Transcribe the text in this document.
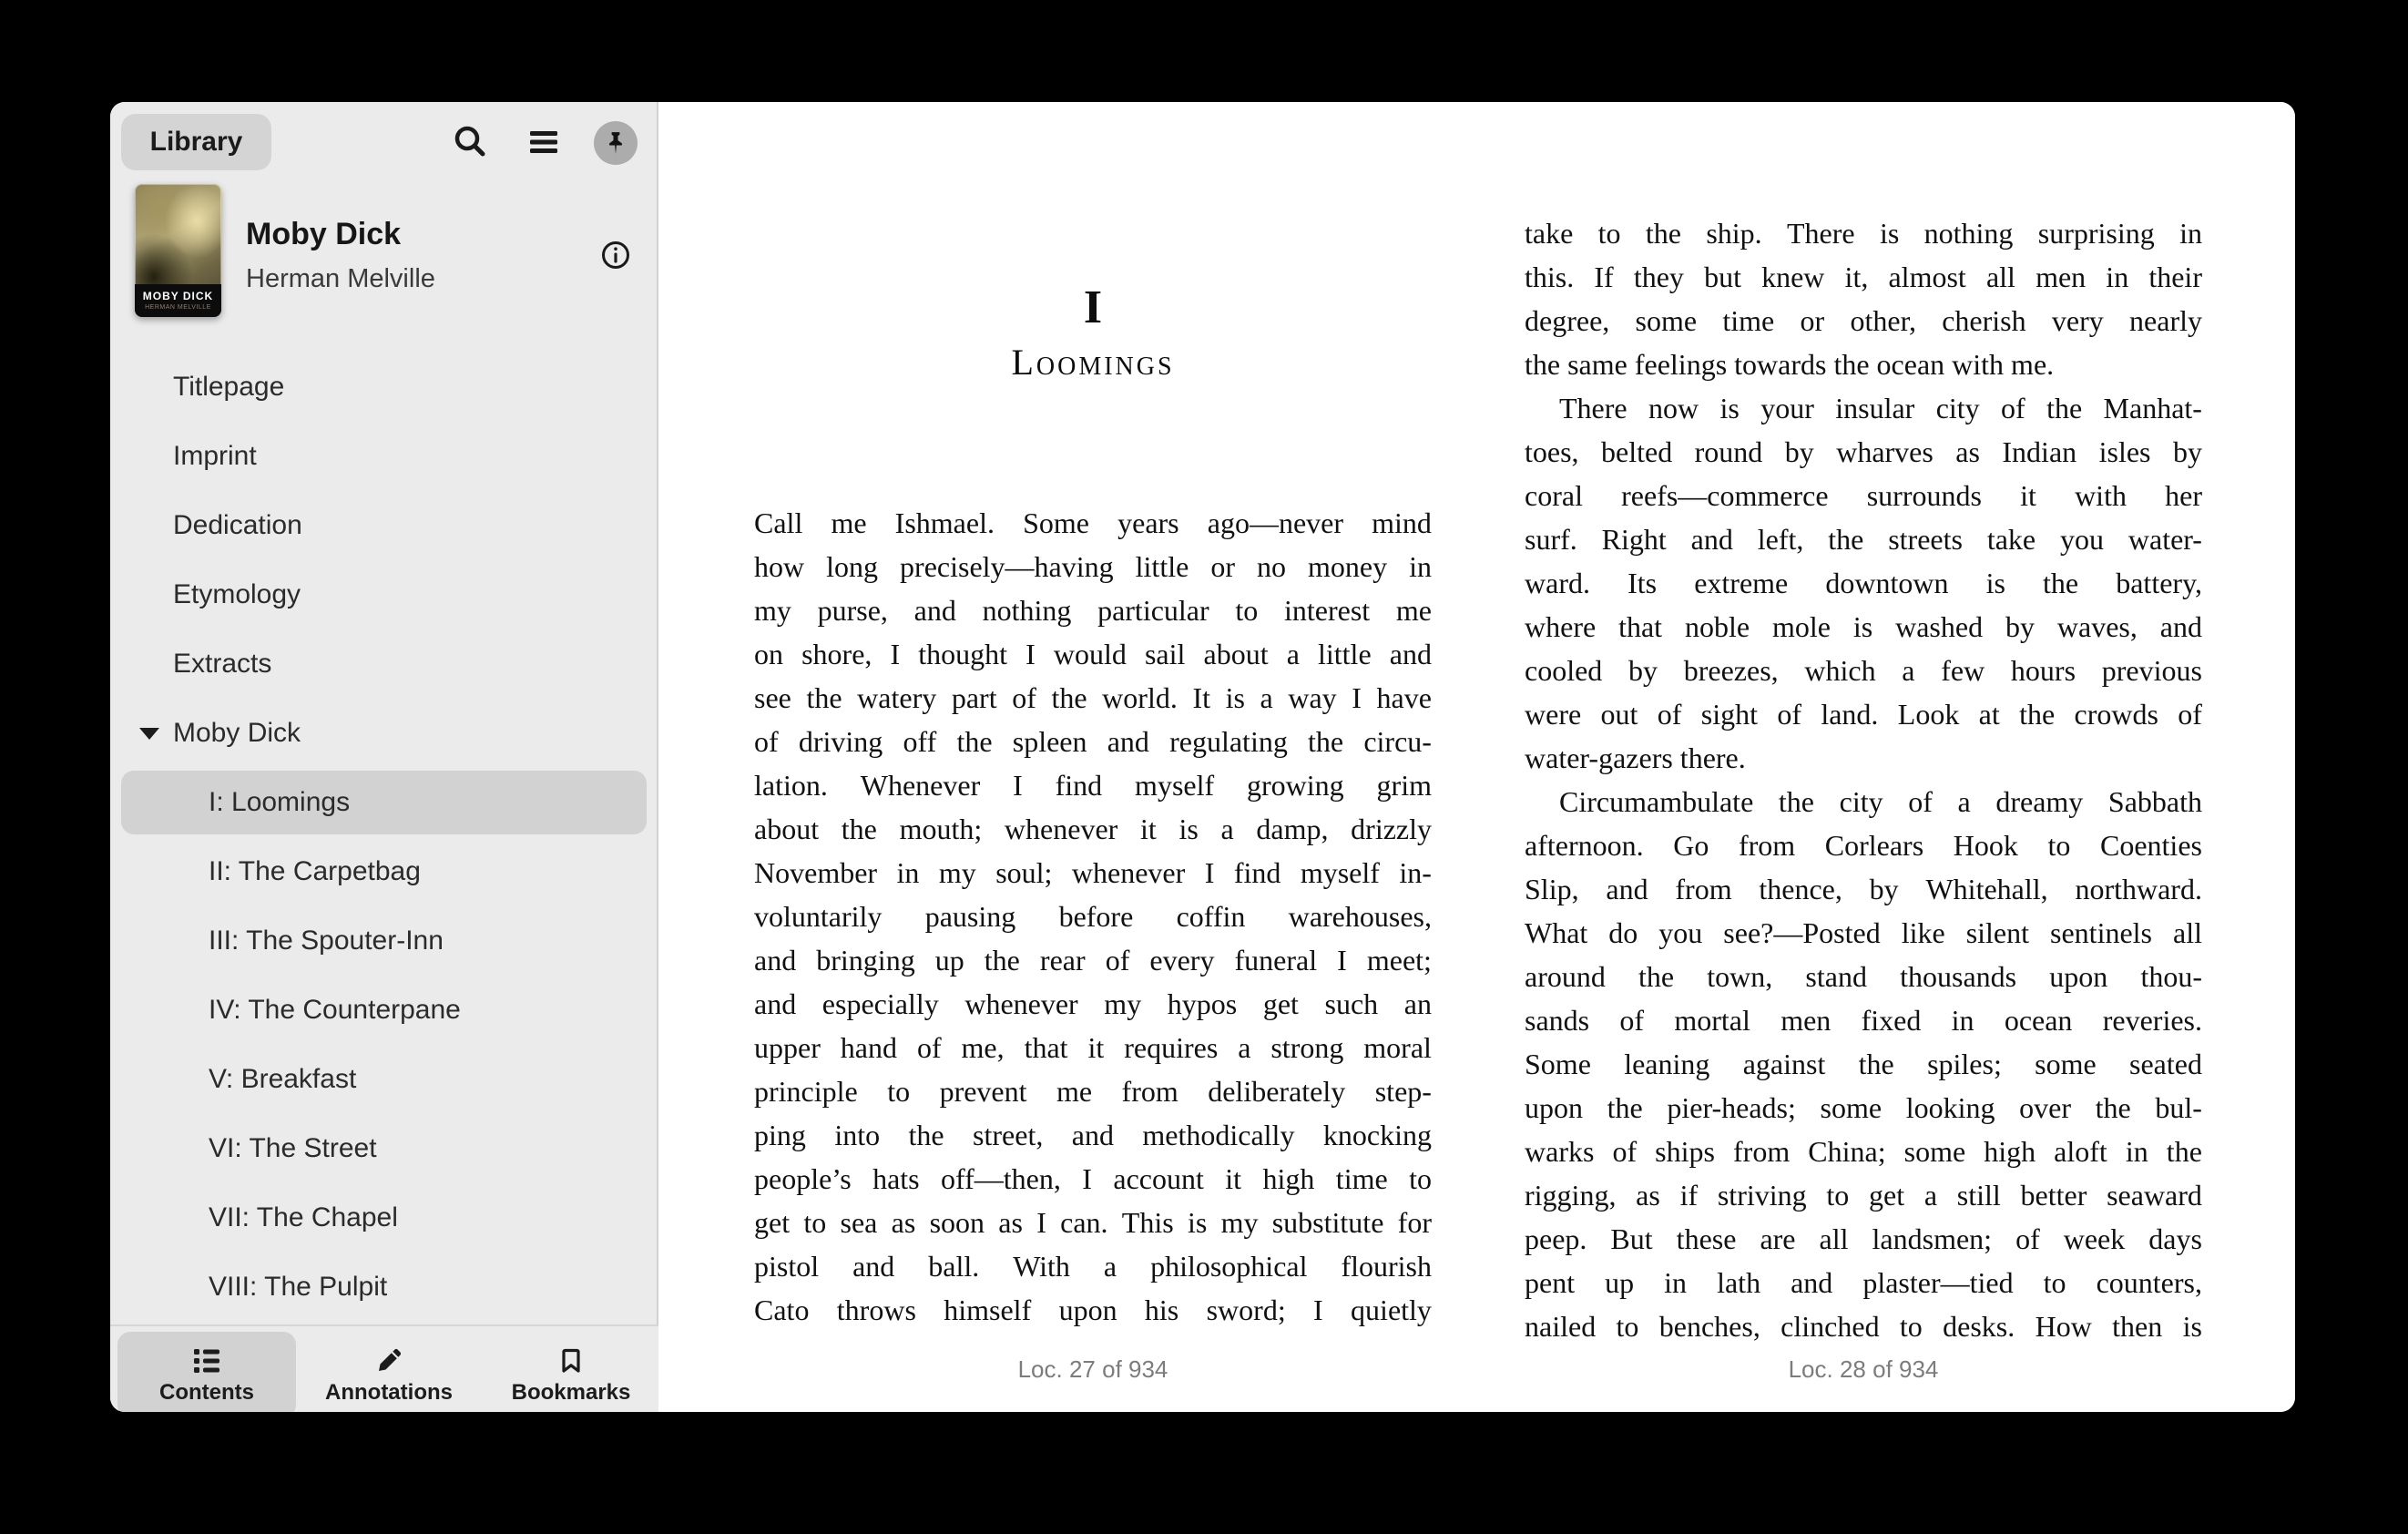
Library
MOBY DICK
HERMAN MELVILLE
Moby Dick
Herman Melville
Titlepage
Imprint
Dedication
Etymology
Extracts
Moby Dick
I: Loomings
II: The Carpetbag
III: The Spouter-Inn
IV: The Counterpane
V: Breakfast
VI: The Street
VII: The Chapel
VIII: The Pulpit
Contents	Annotations	Bookmarks
I
Loomings
Call me Ishmael. Some years ago—never mind
how long precisely—having little or no money in
my purse, and nothing particular to interest me
on shore, I thought I would sail about a little and
see the watery part of the world. It is a way I have
of driving off the spleen and regulating the circu-
lation. Whenever I find myself growing grim
about the mouth; whenever it is a damp, drizzly
November in my soul; whenever I find myself in-
voluntarily pausing before coffin warehouses,
and bringing up the rear of every funeral I meet;
and especially whenever my hypos get such an
upper hand of me, that it requires a strong moral
principle to prevent me from deliberately step-
ping into the street, and methodically knocking
people’s hats off—then, I account it high time to
get to sea as soon as I can. This is my substitute for
pistol and ball. With a philosophical flourish
Cato throws himself upon his sword; I quietly
Loc. 27 of 934
take to the ship. There is nothing surprising in
this. If they but knew it, almost all men in their
degree, some time or other, cherish very nearly
the same feelings towards the ocean with me.
There now is your insular city of the Manhat-
toes, belted round by wharves as Indian isles by
coral reefs—commerce surrounds it with her
surf. Right and left, the streets take you water-
ward. Its extreme downtown is the battery,
where that noble mole is washed by waves, and
cooled by breezes, which a few hours previous
were out of sight of land. Look at the crowds of
water-gazers there.
Circumambulate the city of a dreamy Sabbath
afternoon. Go from Corlears Hook to Coenties
Slip, and from thence, by Whitehall, northward.
What do you see?—Posted like silent sentinels all
around the town, stand thousands upon thou-
sands of mortal men fixed in ocean reveries.
Some leaning against the spiles; some seated
upon the pier-heads; some looking over the bul-
warks of ships from China; some high aloft in the
rigging, as if striving to get a still better seaward
peep. But these are all landsmen; of week days
pent up in lath and plaster—tied to counters,
nailed to benches, clinched to desks. How then is
Loc. 28 of 934
